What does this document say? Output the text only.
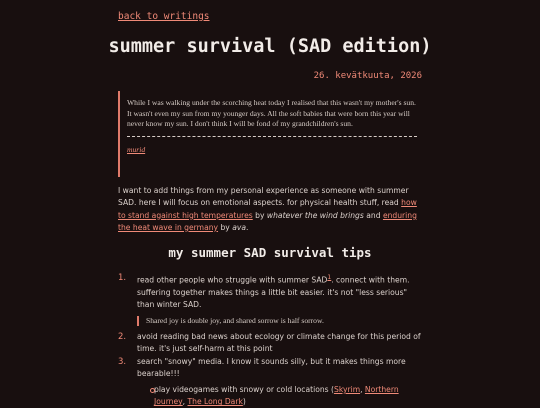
back to writings
summer survival (SAD edition)
26. kevätkuuta, 2026

While I was walking under the scorching heat today I realised that this wasn't my mother's sun. It wasn't even my sun from my younger days. All the soft babies that were born this year will never know my sun. I don't think I will be fond of my grandchildren's sun.

murid

I want to add things from my personal experience as someone with summer SAD. here I will focus on emotional aspects. for physical health stuff, read how to stand against high temperatures by whatever the wind brings and enduring the heat wave in germany by ava.

my summer SAD survival tips
1. read other people who struggle with summer SAD$^1$. connect with them. suffering together makes things a little bit easier. it's not "less serious" than winter SAD.
Shared joy is double joy, and shared sorrow is half sorrow.
2. avoid reading bad news about ecology or climate change for this period of time. it's just self-harm at this point
3. search "snowy" media. I know it sounds silly, but it makes things more bearable!!!
play videogames with snowy or cold locations (Skyrim, Northern Journey, The Long Dark)
